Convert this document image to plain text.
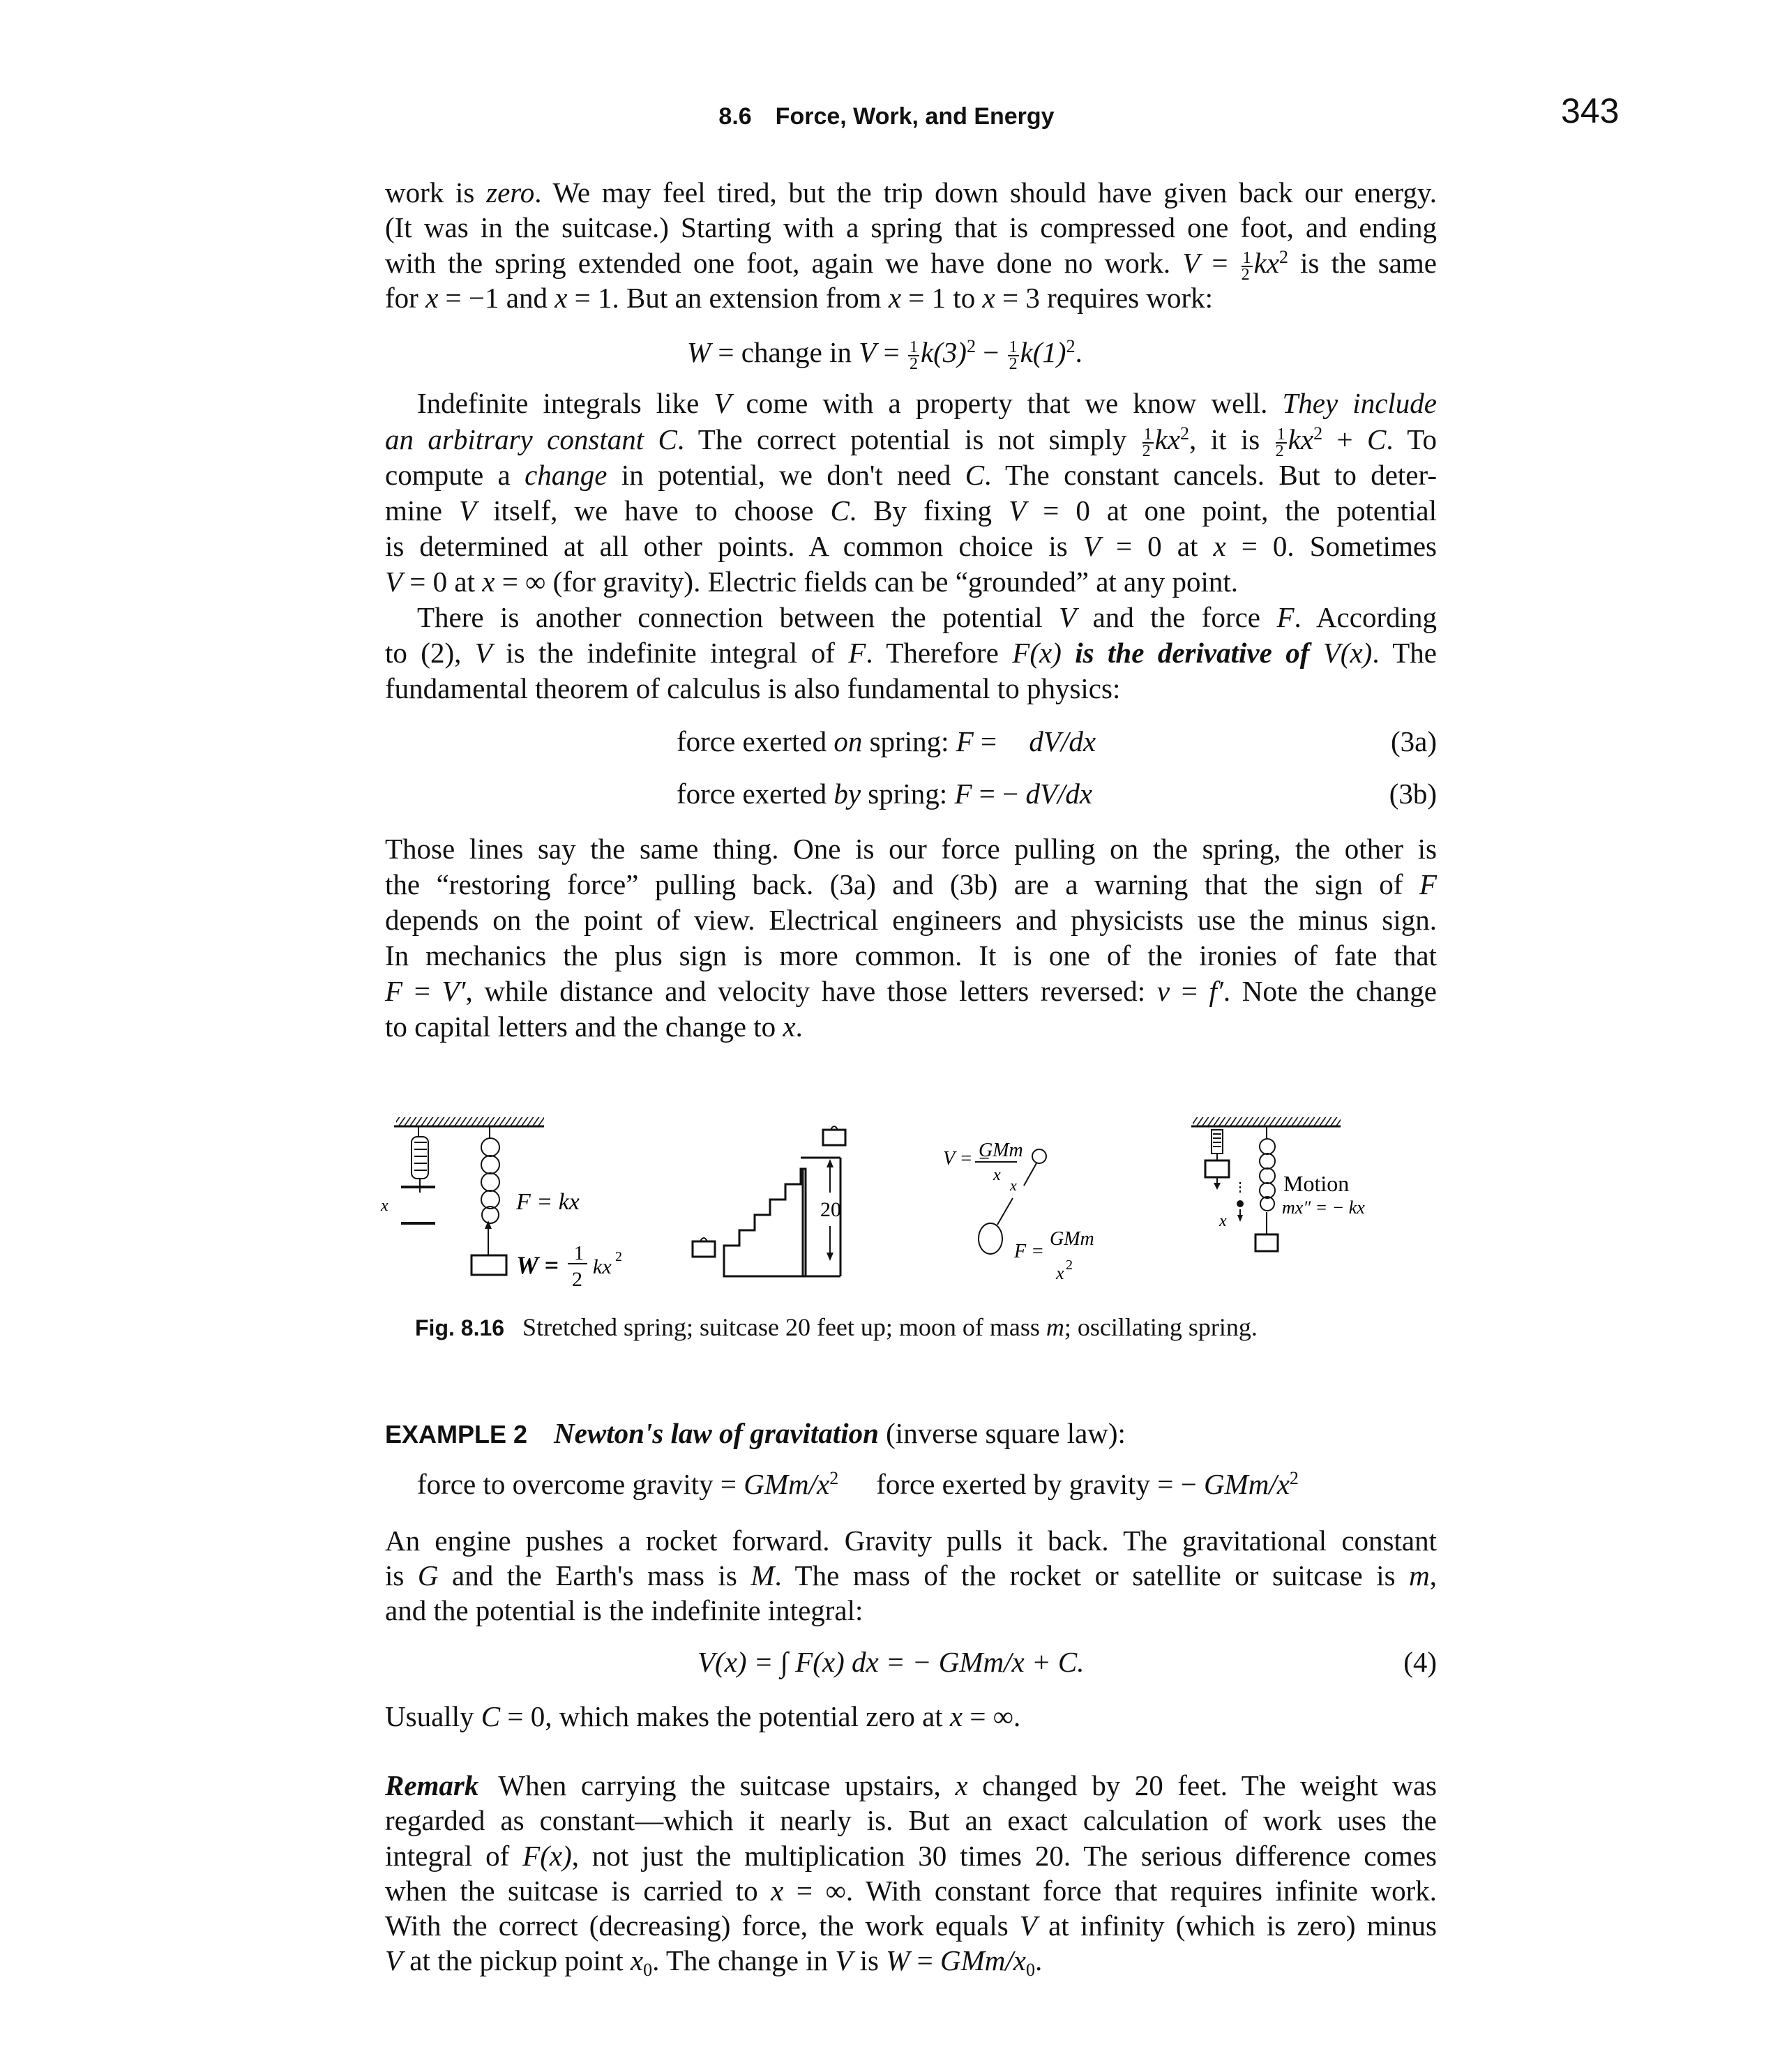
8.6 Force, Work, and Energy	343
work is zero. We may feel tired, but the trip down should have given back our energy.
(It was in the suitcase.) Starting with a spring that is compressed one foot, and ending
with the spring extended one foot, again we have done no work. $V = \frac{1}{2} kx^2$ is the same
for x = −1 and x = 1. But an extension from x = 1 to x = 3 requires work:
W = change in $V = \frac{1}{2} k(3)^2 - \frac{1}{2} k(1)^2$.
Indefinite integrals like V come with a property that we know well. They include
an arbitrary constant C. The correct potential is not simply $\frac{1}{2} kx^2$, it is $\frac{1}{2} kx^2 + C$. To
compute a change in potential, we don't need C. The constant cancels. But to deter-
mine V itself, we have to choose C. By fixing V = 0 at one point, the potential
is determined at all other points. A common choice is V = 0 at x = 0. Sometimes
V = 0 at x = ∞ (for gravity). Electric fields can be “grounded” at any point.
There is another connection between the potential V and the force F. According
to (2), V is the indefinite integral of F. Therefore F(x) is the derivative of V(x). The
fundamental theorem of calculus is also fundamental to physics:
force exerted on spring: F = dV/dx	(3a)
force exerted by spring: F = − dV/dx	(3b)
Those lines say the same thing. One is our force pulling on the spring, the other is
the “restoring force” pulling back. (3a) and (3b) are a warning that the sign of F
depends on the point of view. Electrical engineers and physicists use the minus sign.
In mechanics the plus sign is more common. It is one of the ironies of fate that
F = V′, while distance and velocity have those letters reversed: v = f′. Note the change
to capital letters and the change to x.
x	F = kx
W = 1
2
kx 2
20
V = −
GMm
x
x
F =
GMm
x 2
x
Motion
mx″ = − kx
Fig. 8.16 Stretched spring; suitcase 20 feet up; moon of mass m; oscillating spring.
EXAMPLE 2 Newton's law of gravitation (inverse square law):
force to overcome gravity = GMm/$x^2$ force exerted by gravity = − GMm/$x^2$
An engine pushes a rocket forward. Gravity pulls it back. The gravitational constant
is G and the Earth's mass is M. The mass of the rocket or satellite or suitcase is m,
and the potential is the indefinite integral:
V(x) = ∫ F(x) dx = − GMm/x + C.	(4)
Usually C = 0, which makes the potential zero at x = ∞.
Remark When carrying the suitcase upstairs, x changed by 20 feet. The weight was
regarded as constant—which it nearly is. But an exact calculation of work uses the
integral of F(x), not just the multiplication 30 times 20. The serious difference comes
when the suitcase is carried to x = ∞. With constant force that requires infinite work.
With the correct (decreasing) force, the work equals V at infinity (which is zero) minus
V at the pickup point $x_0$. The change in V is W = GMm/$x_0$.
